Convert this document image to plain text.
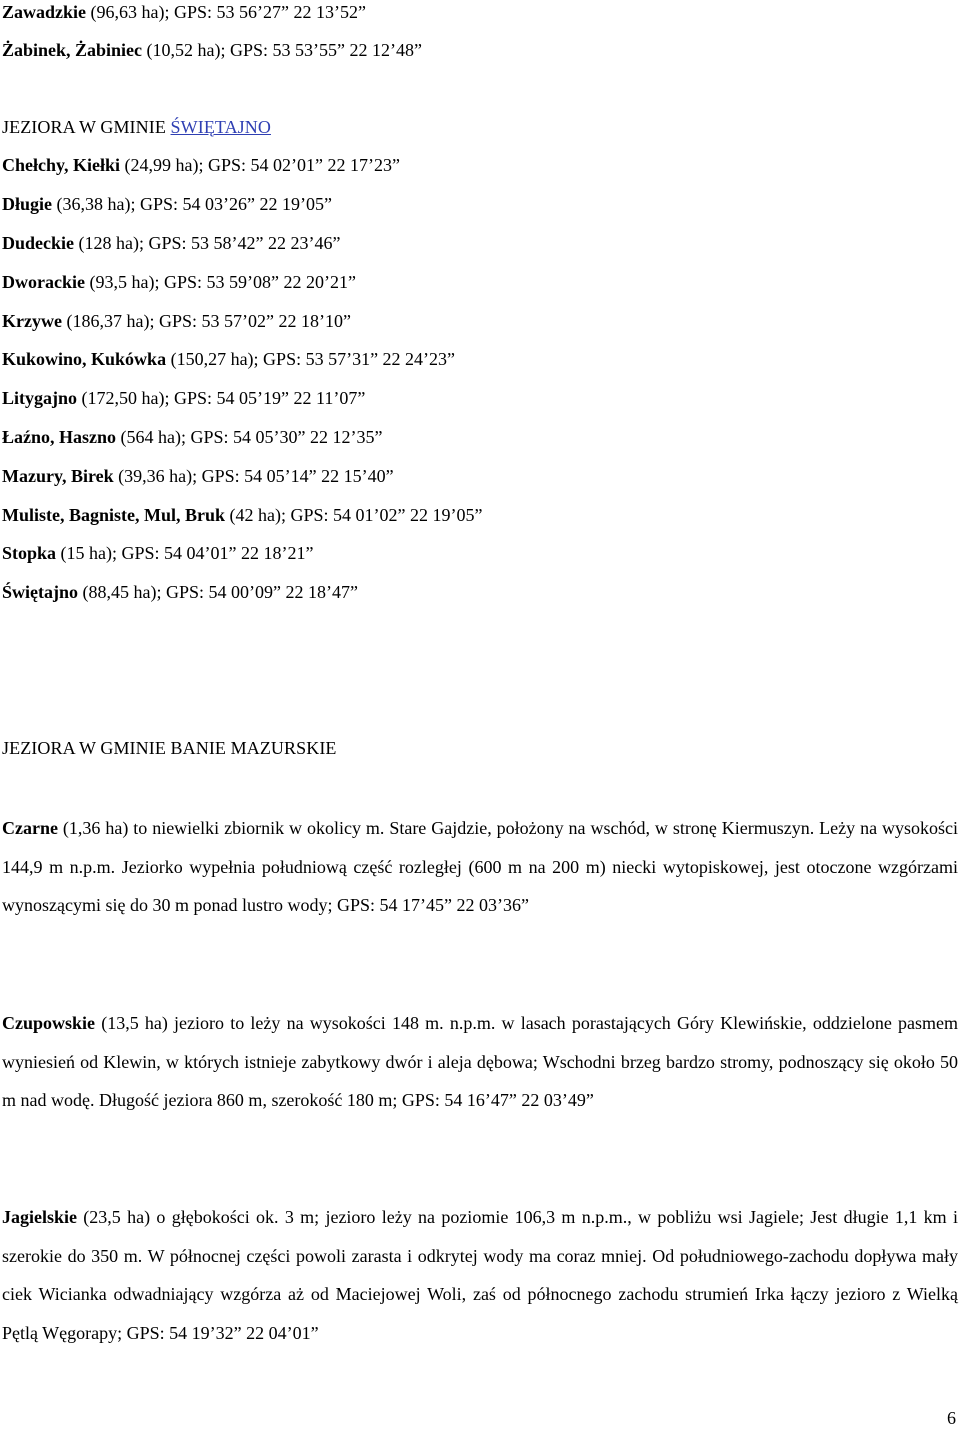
Zawadzkie (96,63 ha); GPS: 53 56’27” 22 13’52”
Żabinek, Żabiniec (10,52 ha); GPS: 53 53’55” 22 12’48”
JEZIORA W GMINIE ŚWIĘTAJNO
Chełchy, Kiełki (24,99 ha); GPS: 54 02’01” 22 17’23”
Długie (36,38 ha); GPS: 54 03’26” 22 19’05”
Dudeckie (128 ha); GPS: 53 58’42” 22 23’46”
Dworackie (93,5 ha); GPS: 53 59’08” 22 20’21”
Krzywe (186,37 ha); GPS: 53 57’02” 22 18’10”
Kukowino, Kukówka (150,27 ha); GPS: 53 57’31” 22 24’23”
Litygajno (172,50 ha); GPS: 54 05’19” 22 11’07”
Łaźno, Haszno (564 ha); GPS: 54 05’30” 22 12’35”
Mazury, Birek (39,36 ha); GPS: 54 05’14” 22 15’40”
Muliste, Bagniste, Mul, Bruk (42 ha); GPS: 54 01’02” 22 19’05”
Stopka (15 ha); GPS: 54 04’01” 22 18’21”
Świętajno (88,45 ha); GPS: 54 00’09” 22 18’47”
JEZIORA W GMINIE BANIE MAZURSKIE
Czarne (1,36 ha) to niewielki zbiornik w okolicy m. Stare Gajdzie, położony na wschód, w stronę Kiermuszyn. Leży na wysokości 144,9 m n.p.m. Jeziorko wypełnia południową część rozległej (600 m na 200 m) niecki wytopiskowej, jest otoczone wzgórzami wynoszącymi się do 30 m ponad lustro wody; GPS: 54 17’45” 22 03’36”
Czupowskie (13,5 ha) jezioro to leży na wysokości 148 m. n.p.m. w lasach porastających Góry Klewińskie, oddzielone pasmem wyniesień od Klewin, w których istnieje zabytkowy dwór i aleja dębowa; Wschodni brzeg bardzo stromy, podnoszący się około 50 m nad wodę. Długość jeziora 860 m, szerokość 180 m; GPS: 54 16’47” 22 03’49”
Jagielskie (23,5 ha) o głębokości ok. 3 m; jezioro leży na poziomie 106,3 m n.p.m., w pobliżu wsi Jagiele; Jest długie 1,1 km i szerokie do 350 m. W północnej części powoli zarasta i odkrytej wody ma coraz mniej. Od południowego-zachodu dopływa mały ciek Wicianka odwadniający wzgórza aż od Maciejowej Woli, zaś od północnego zachodu strumień Irka łączy jezioro z Wielką Pętlą Węgorapy; GPS: 54 19’32” 22 04’01”
6
